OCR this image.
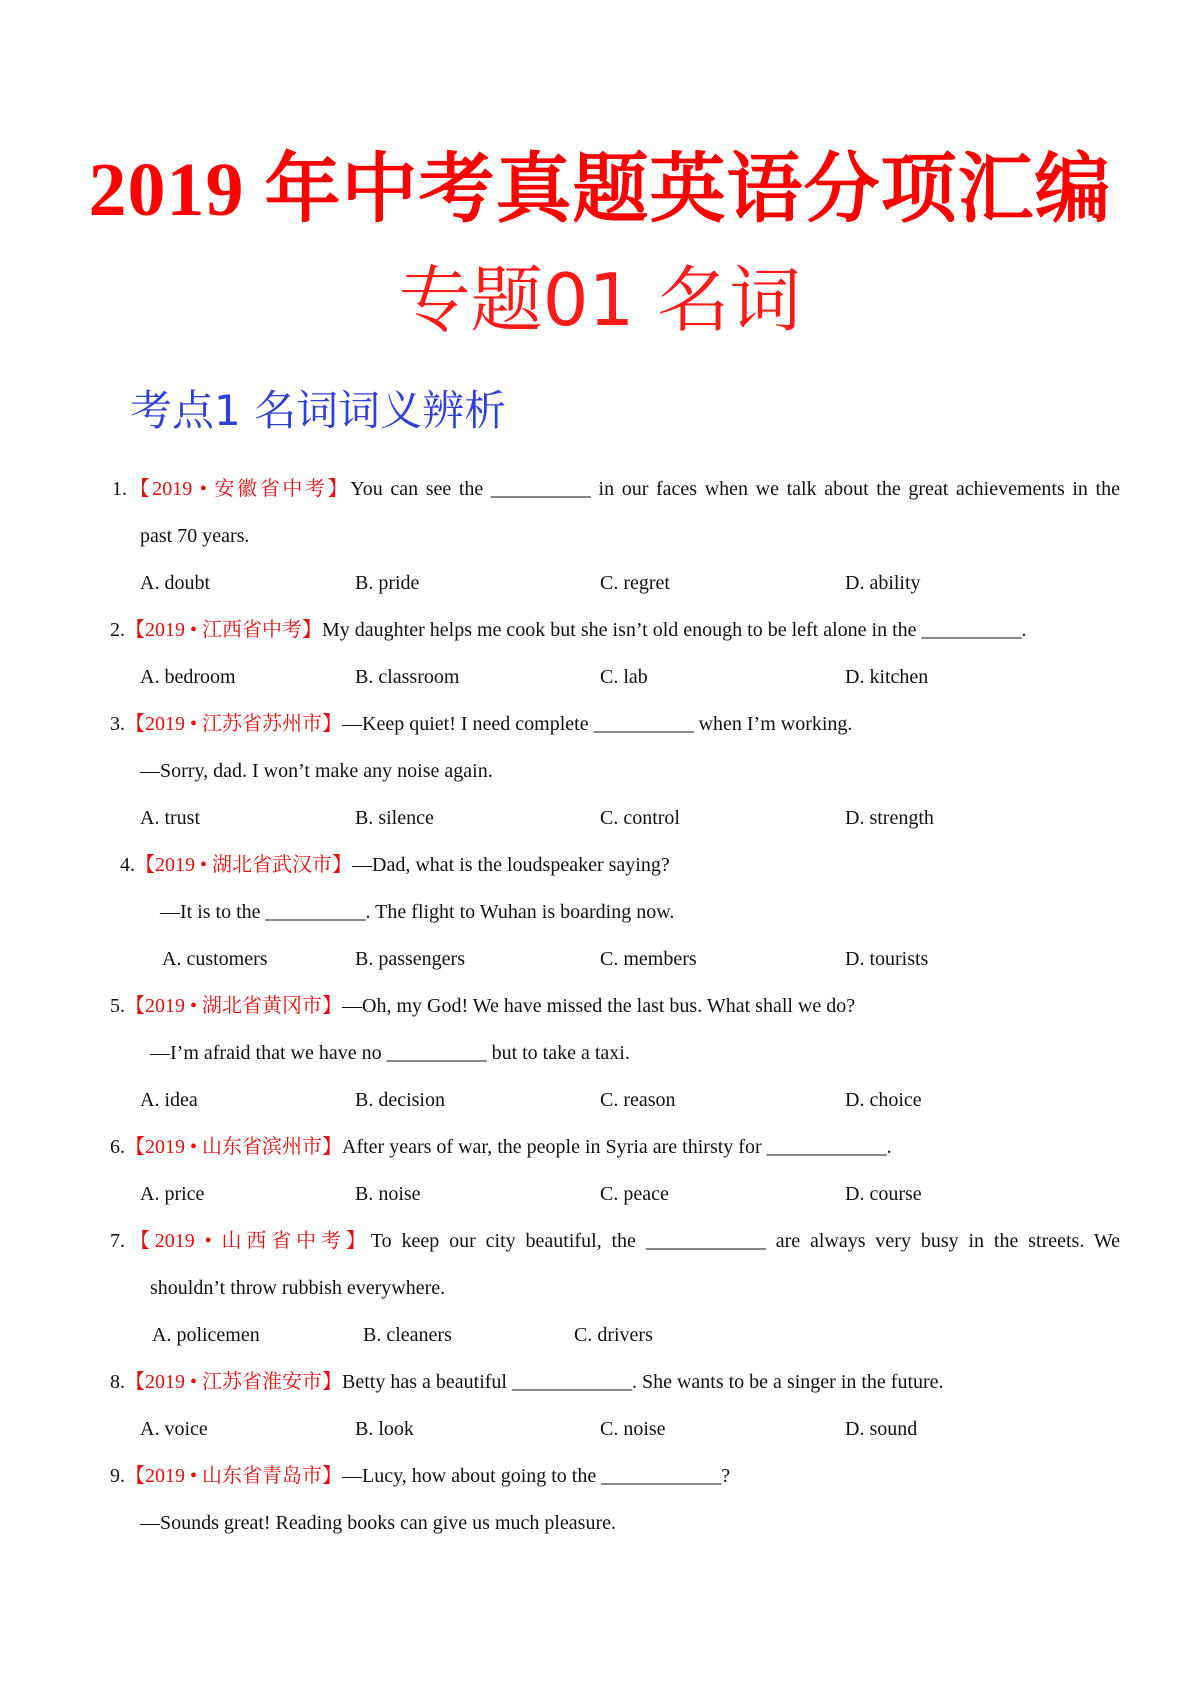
2019 年中考真题英语分项汇编
专题01 名词
考点1 名词词义辨析
1.【2019 • 安徽省中考】You can see the __________ in our faces when we talk about the great achievements in the
past 70 years.
A. doubt	B. pride	C. regret	D. ability
2.【2019 • 江西省中考】My daughter helps me cook but she isn’t old enough to be left alone in the __________.
A. bedroom	B. classroom	C. lab	D. kitchen
3.【2019 • 江苏省苏州市】—Keep quiet! I need complete __________ when I’m working.
—Sorry, dad. I won’t make any noise again.
A. trust	B. silence	C. control	D. strength
4.【2019 • 湖北省武汉市】—Dad, what is the loudspeaker saying?
—It is to the __________. The flight to Wuhan is boarding now.
A. customers	B. passengers	C. members	D. tourists
5.【2019 • 湖北省黄冈市】—Oh, my God! We have missed the last bus. What shall we do?
—I’m afraid that we have no __________ but to take a taxi.
A. idea	B. decision	C. reason	D. choice
6.【2019 • 山东省滨州市】After years of war, the people in Syria are thirsty for ____________.
A. price	B. noise	C. peace	D. course
7.【2019 • 山西省中考】To keep our city beautiful, the ____________ are always very busy in the streets. We
shouldn’t throw rubbish everywhere.
A. policemen	B. cleaners	C. drivers
8.【2019 • 江苏省淮安市】Betty has a beautiful ____________. She wants to be a singer in the future.
A. voice	B. look	C. noise	D. sound
9.【2019 • 山东省青岛市】—Lucy, how about going to the ____________?
—Sounds great! Reading books can give us much pleasure.
